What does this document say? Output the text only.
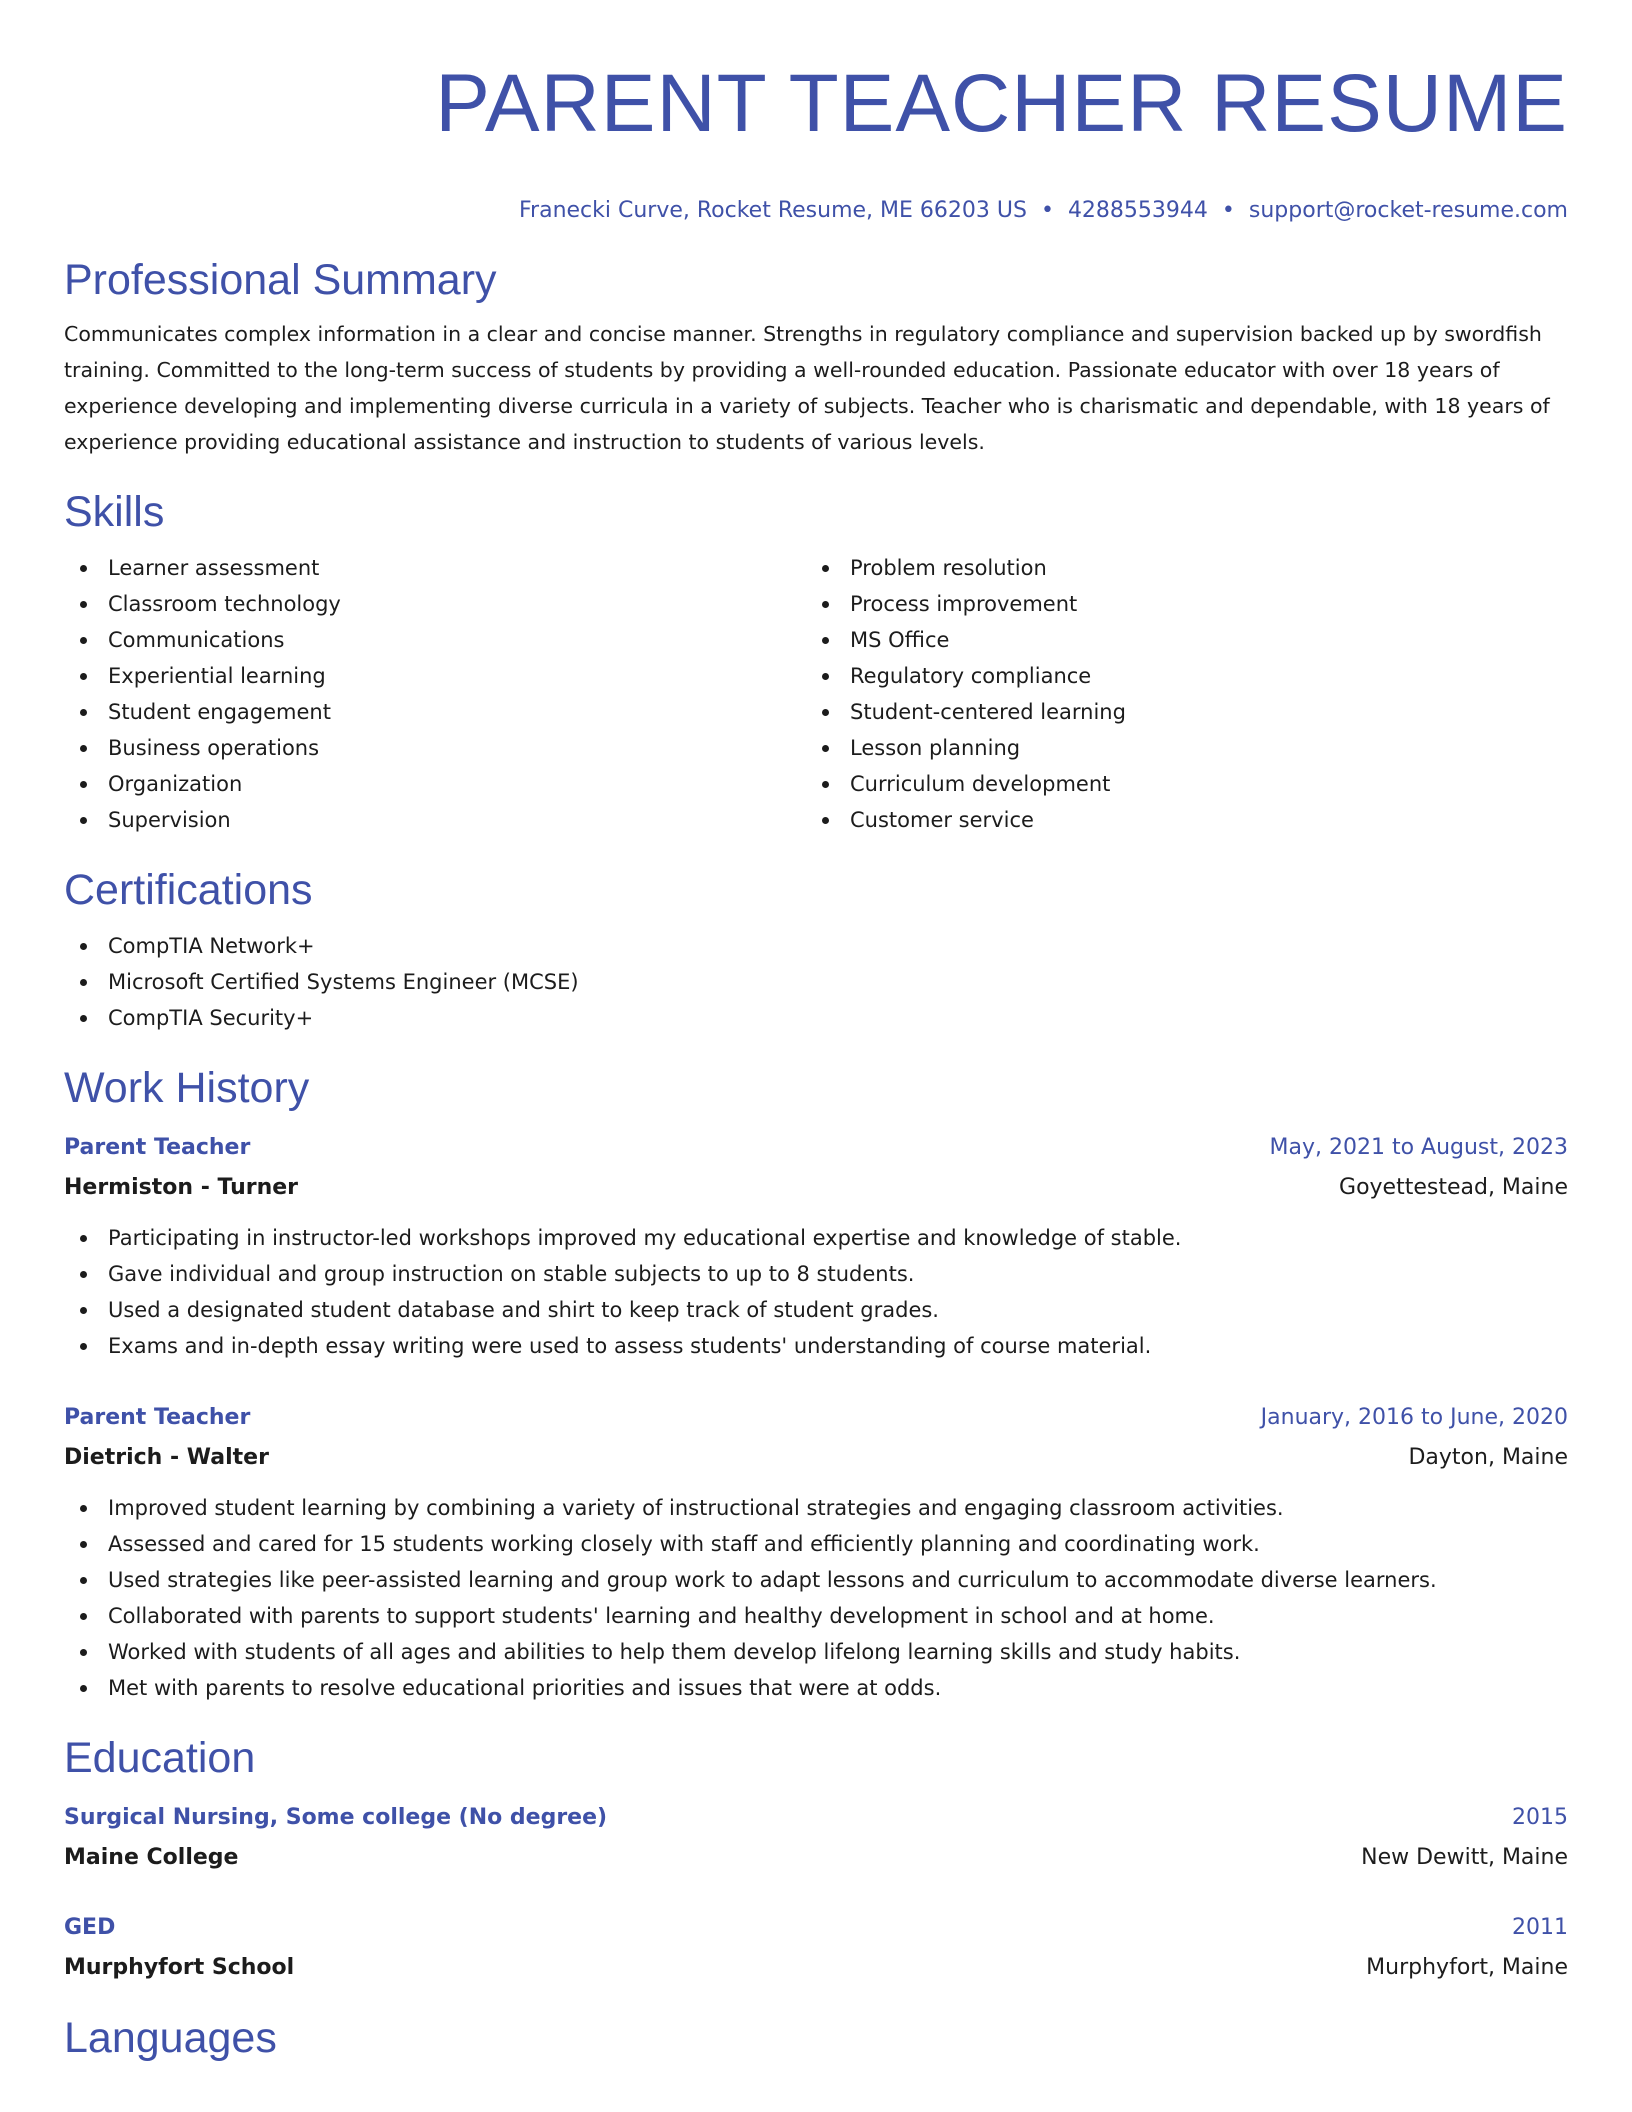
PARENT TEACHER RESUME
Franecki Curve, Rocket Resume, ME 66203 US • 4288553944 • support@rocket-resume.com
Professional Summary

Communicates complex information in a clear and concise manner. Strengths in regulatory compliance and supervision backed up by swordfish training. Committed to the long-term success of students by providing a well-rounded education. Passionate educator with over 18 years of experience developing and implementing diverse curricula in a variety of subjects. Teacher who is charismatic and dependable, with 18 years of experience providing educational assistance and instruction to students of various levels.

Skills
Learner assessment
Classroom technology
Communications
Experiential learning
Student engagement
Business operations
Organization
Supervision
Problem resolution
Process improvement
MS Office
Regulatory compliance
Student-centered learning
Lesson planning
Curriculum development
Customer service
Certifications
CompTIA Network+
Microsoft Certified Systems Engineer (MCSE)
CompTIA Security+
Work History
Parent Teacher	May, 2021 to August, 2023
Hermiston - Turner	Goyettestead, Maine
Participating in instructor-led workshops improved my educational expertise and knowledge of stable.
Gave individual and group instruction on stable subjects to up to 8 students.
Used a designated student database and shirt to keep track of student grades.
Exams and in-depth essay writing were used to assess students' understanding of course material.
Parent Teacher	January, 2016 to June, 2020
Dietrich - Walter	Dayton, Maine
Improved student learning by combining a variety of instructional strategies and engaging classroom activities.
Assessed and cared for 15 students working closely with staff and efficiently planning and coordinating work.
Used strategies like peer-assisted learning and group work to adapt lessons and curriculum to accommodate diverse learners.
Collaborated with parents to support students' learning and healthy development in school and at home.
Worked with students of all ages and abilities to help them develop lifelong learning skills and study habits.
Met with parents to resolve educational priorities and issues that were at odds.
Education
Surgical Nursing, Some college (No degree)	2015
Maine College	New Dewitt, Maine
GED	2011
Murphyfort School	Murphyfort, Maine
Languages
